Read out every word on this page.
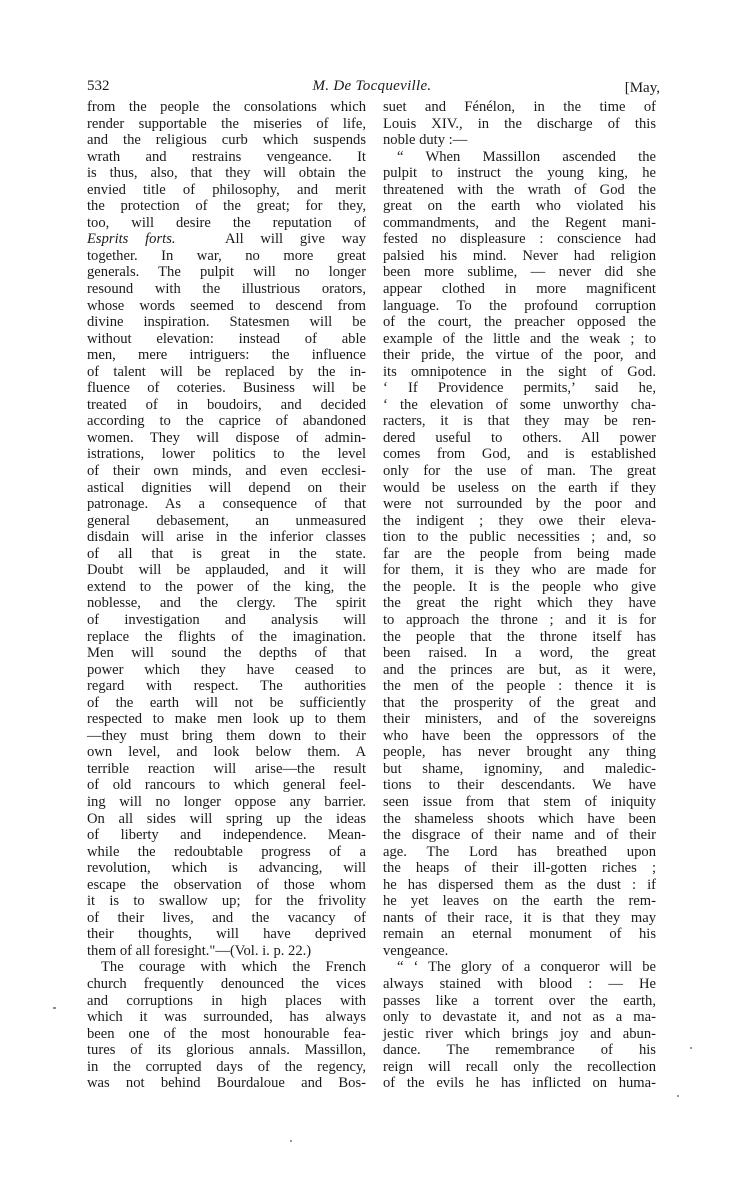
532	M. De Tocqueville.	[May,
from the people the consolations which
render supportable the miseries of life,
and the religious curb which suspends
wrath and restrains vengeance. It
is thus, also, that they will obtain the
envied title of philosophy, and merit
the protection of the great; for they,
too, will desire the reputation of
Esprits forts.	All will give way
together. In war, no more great
generals. The pulpit will no longer
resound with the illustrious orators,
whose words seemed to descend from
divine inspiration. Statesmen will be
without elevation: instead of able
men, mere intriguers: the influence
of talent will be replaced by the in-
fluence of coteries. Business will be
treated of in boudoirs, and decided
according to the caprice of abandoned
women. They will dispose of admin-
istrations, lower politics to the level
of their own minds, and even ecclesi-
astical dignities will depend on their
patronage. As a consequence of that
general debasement, an unmeasured
disdain will arise in the inferior classes
of all that is great in the state.
Doubt will be applauded, and it will
extend to the power of the king, the
noblesse, and the clergy. The spirit
of investigation and analysis will
replace the flights of the imagination.
Men will sound the depths of that
power which they have ceased to
regard with respect. The authorities
of the earth will not be sufficiently
respected to make men look up to them
—they must bring them down to their
own level, and look below them. A
terrible reaction will arise—the result
of old rancours to which general feel-
ing will no longer oppose any barrier.
On all sides will spring up the ideas
of liberty and independence. Mean-
while the redoubtable progress of a
revolution, which is advancing, will
escape the observation of those whom
it is to swallow up; for the frivolity
of their lives, and the vacancy of
their thoughts, will have deprived
them of all foresight."—(Vol. i. p. 22.)
The courage with which the French
church frequently denounced the vices
and corruptions in high places with
which it was surrounded, has always
been one of the most honourable fea-
tures of its glorious annals. Massillon,
in the corrupted days of the regency,
was not behind Bourdaloue and Bos-
suet and Fénélon, in the time of
Louis XIV., in the discharge of this
noble duty :—
“ When Massillon ascended the
pulpit to instruct the young king, he
threatened with the wrath of God the
great on the earth who violated his
commandments, and the Regent mani-
fested no displeasure : conscience had
palsied his mind. Never had religion
been more sublime, — never did she
appear clothed in more magnificent
language. To the profound corruption
of the court, the preacher opposed the
example of the little and the weak ; to
their pride, the virtue of the poor, and
its omnipotence in the sight of God.
‘ If Providence permits,’ said he,
‘ the elevation of some unworthy cha-
racters, it is that they may be ren-
dered useful to others. All power
comes from God, and is established
only for the use of man. The great
would be useless on the earth if they
were not surrounded by the poor and
the indigent ; they owe their eleva-
tion to the public necessities ; and, so
far are the people from being made
for them, it is they who are made for
the people. It is the people who give
the great the right which they have
to approach the throne ; and it is for
the people that the throne itself has
been raised. In a word, the great
and the princes are but, as it were,
the men of the people : thence it is
that the prosperity of the great and
their ministers, and of the sovereigns
who have been the oppressors of the
people, has never brought any thing
but shame, ignominy, and maledic-
tions to their descendants. We have
seen issue from that stem of iniquity
the shameless shoots which have been
the disgrace of their name and of their
age. The Lord has breathed upon
the heaps of their ill-gotten riches ;
he has dispersed them as the dust : if
he yet leaves on the earth the rem-
nants of their race, it is that they may
remain an eternal monument of his
vengeance.
“ ‘ The glory of a conqueror will be
always stained with blood : — He
passes like a torrent over the earth,
only to devastate it, and not as a ma-
jestic river which brings joy and abun-
dance. The remembrance of his
reign will recall only the recollection
of the evils he has inflicted on huma-
